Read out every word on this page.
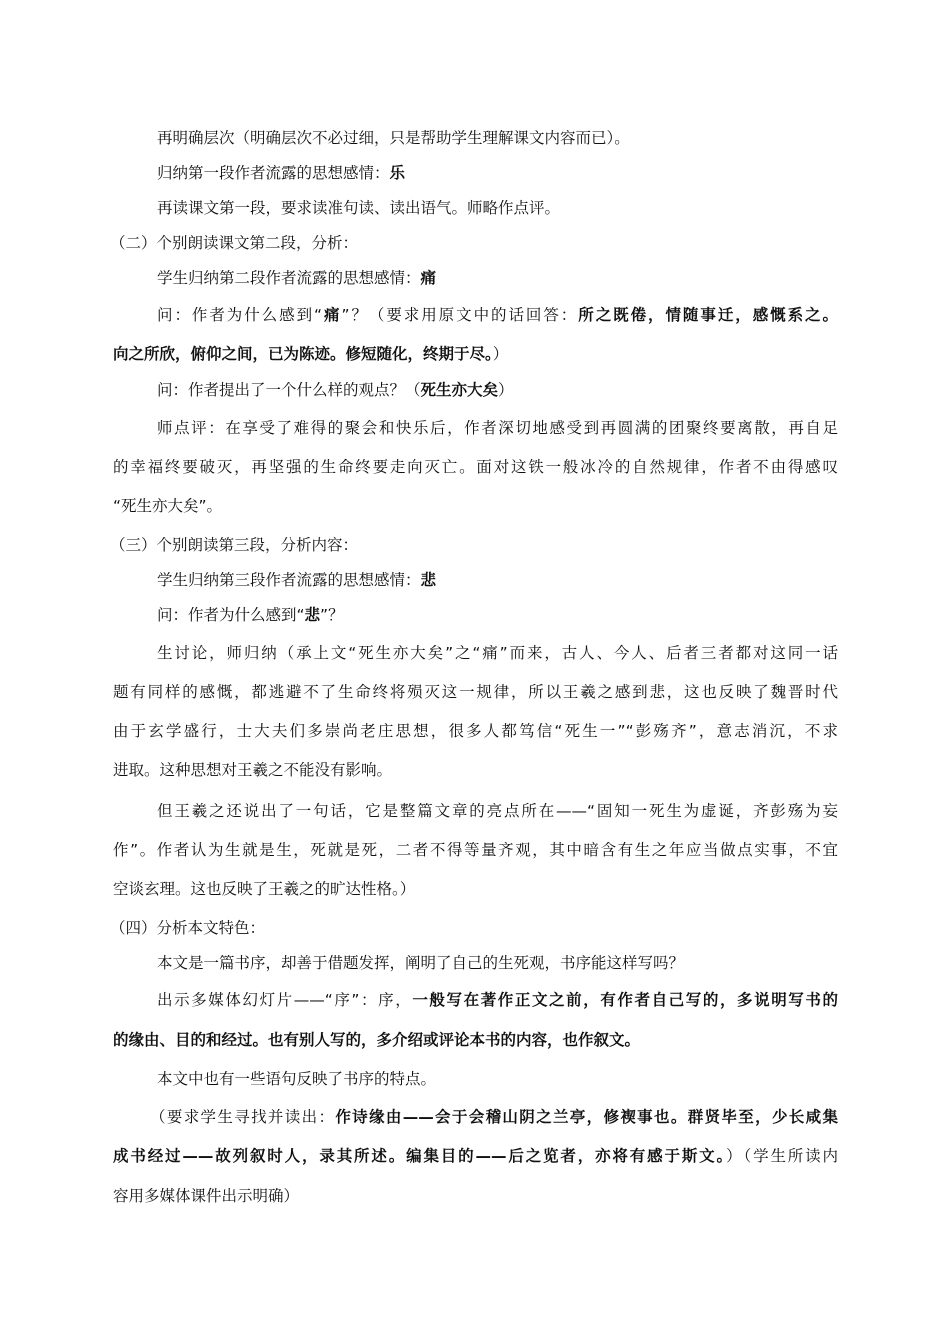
再明确层次（明确层次不必过细，只是帮助学生理解课文内容而已）。
归纳第一段作者流露的思想感情：乐
再读课文第一段，要求读准句读、读出语气。师略作点评。
（二）个别朗读课文第二段，分析：
学生归纳第二段作者流露的思想感情：痛
问：作者为什么感到“痛”？（要求用原文中的话回答：所之既倦，情随事迁，感慨系之。
向之所欣，俯仰之间，已为陈迹。修短随化，终期于尽。）
问：作者提出了一个什么样的观点？（死生亦大矣）
师点评：在享受了难得的聚会和快乐后，作者深切地感受到再圆满的团聚终要离散，再自足
的幸福终要破灭，再坚强的生命终要走向灭亡。面对这铁一般冰冷的自然规律，作者不由得感叹
“死生亦大矣”。
（三）个别朗读第三段，分析内容：
学生归纳第三段作者流露的思想感情：悲
问：作者为什么感到“悲”？
生讨论，师归纳（承上文“死生亦大矣”之“痛”而来，古人、今人、后者三者都对这同一话
题有同样的感慨，都逃避不了生命终将殒灭这一规律，所以王羲之感到悲，这也反映了魏晋时代
由于玄学盛行，士大夫们多崇尚老庄思想，很多人都笃信“死生一”“彭殇齐”，意志消沉，不求
进取。这种思想对王羲之不能没有影响。
但王羲之还说出了一句话，它是整篇文章的亮点所在——“固知一死生为虚诞，齐彭殇为妄
作”。作者认为生就是生，死就是死，二者不得等量齐观，其中暗含有生之年应当做点实事，不宜
空谈玄理。这也反映了王羲之的旷达性格。）
（四）分析本文特色：
本文是一篇书序，却善于借题发挥，阐明了自己的生死观，书序能这样写吗？
出示多媒体幻灯片——“序”：序，一般写在著作正文之前，有作者自己写的，多说明写书的
的缘由、目的和经过。也有别人写的，多介绍或评论本书的内容，也作叙文。
本文中也有一些语句反映了书序的特点。
（要求学生寻找并读出：作诗缘由——会于会稽山阴之兰亭，修褉事也。群贤毕至，少长咸集
成书经过——故列叙时人，录其所述。编集目的——后之览者，亦将有感于斯文。）（学生所读内
容用多媒体课件出示明确）
